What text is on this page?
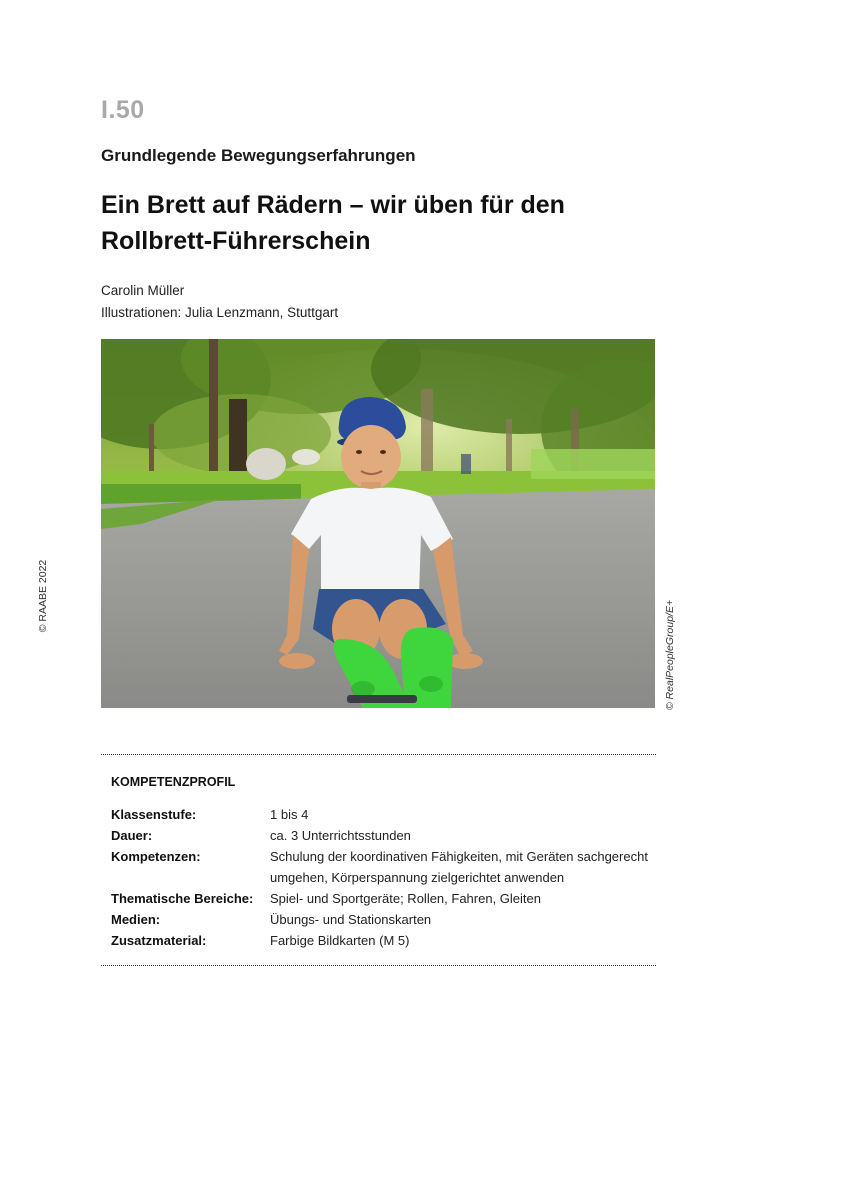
I.50
Grundlegende Bewegungserfahrungen
Ein Brett auf Rädern – wir üben für den
Rollbrett-Führerschein
Carolin Müller
Illustrationen: Julia Lenzmann, Stuttgart
© RAABE 2022
© RealPeopleGroup/E+
KOMPETENZPROFIL
Klassenstufe:	1 bis 4
Dauer:	ca. 3 Unterrichtsstunden
Kompetenzen:	Schulung der koordinativen Fähigkeiten, mit Geräten sachgerecht umgehen, Körperspannung zielgerichtet anwenden
Thematische Bereiche:	Spiel- und Sportgeräte; Rollen, Fahren, Gleiten
Medien:	Übungs- und Stationskarten
Zusatzmaterial:	Farbige Bildkarten (M 5)
